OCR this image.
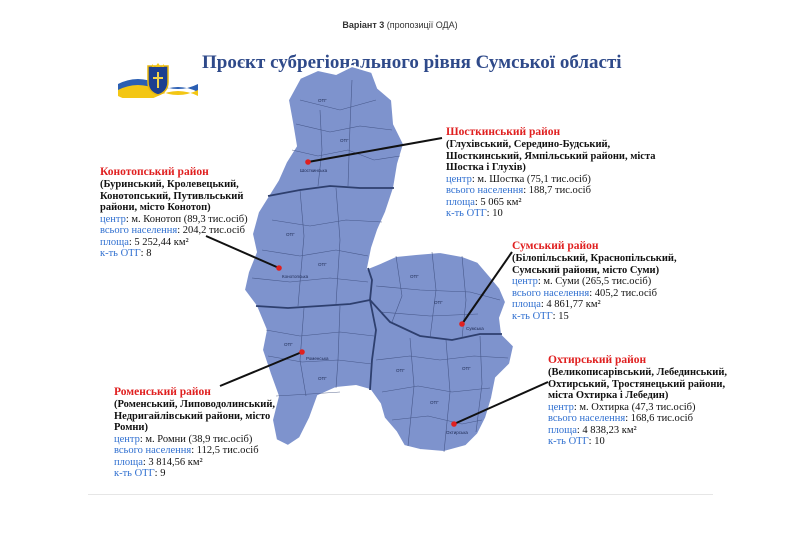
Варіант 3 (пропозиції ОДА)
Проєкт субрегіонального рівня Сумської області
Шосткинська
Конотопська
Сумська
Охтирська
Роменська
ОТГ
ОТГ
ОТГ
ОТГ
ОТГ
ОТГ
ОТГ
ОТГ
ОТГ
ОТГ
ОТГ
Шосткинський район
(Глухівський, Середино-Будський, Шосткинський, Ямпільський райони, міста Шостка і Глухів)
центр: м. Шостка (75,1 тис.осіб)
всього населення: 188,7 тис.осіб
площа: 5 065 км²
к-ть ОТГ: 10
Конотопський район
(Буринський, Кролевецький, Конотопський, Путивльський райони, місто Конотоп)
центр: м. Конотоп (89,3 тис.осіб)
всього населення: 204,2 тис.осіб
площа: 5 252,44 км²
к-ть ОТГ: 8
Сумський район
(Білопільський, Краснопільський, Сумський райони, місто Суми)
центр: м. Суми (265,5 тис.осіб)
всього населення: 405,2 тис.осіб
площа: 4 861,77 км²
к-ть ОТГ: 15
Охтирський район
(Великописарівський, Лебединський, Охтирський, Тростянецький райони, міста Охтирка і Лебедин)
центр: м. Охтирка (47,3 тис.осіб)
всього населення: 168,6 тис.осіб
площа: 4 838,23 км²
к-ть ОТГ: 10
Роменський район
(Роменський, Липоводолинський, Недригайлівський райони, місто Ромни)
центр: м. Ромни (38,9 тис.осіб)
всього населення: 112,5 тис.осіб
площа: 3 814,56 км²
к-ть ОТГ: 9
